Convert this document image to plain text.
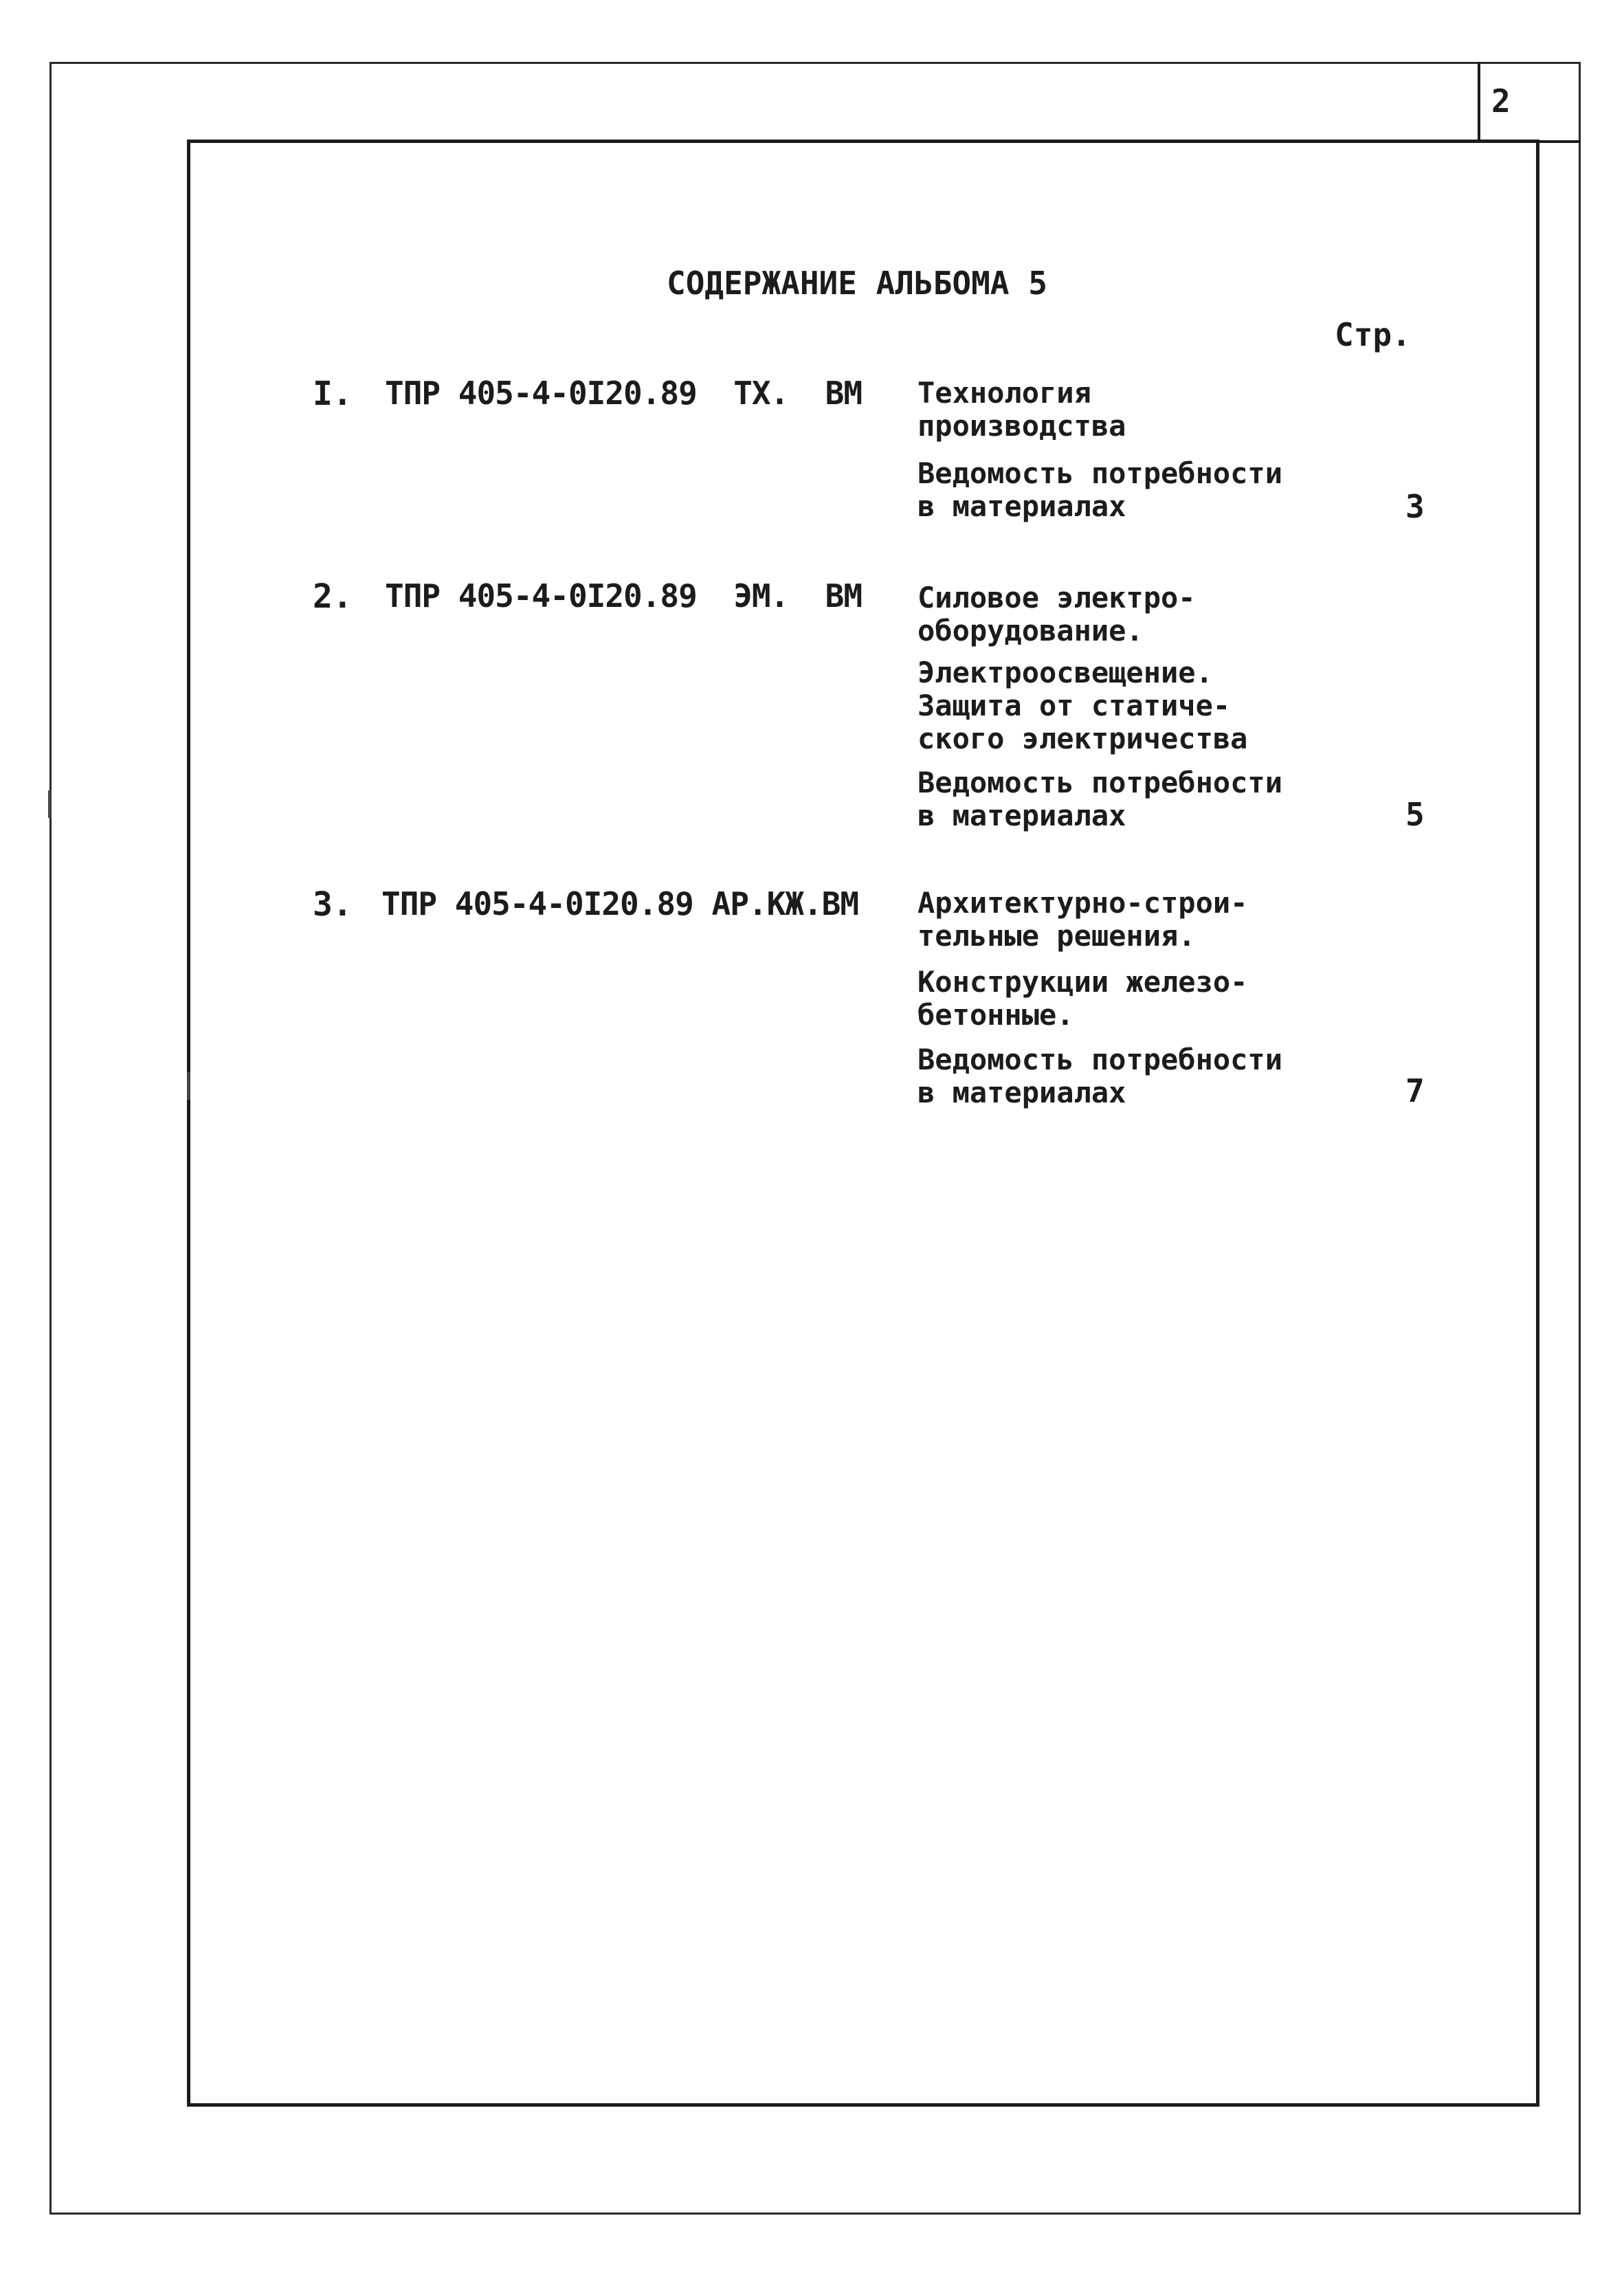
2
СОДЕРЖАНИЕ АЛЬБОМА 5
Стр.
I. ТПР 405-4-0I20.89  ТХ.  ВМ Технология
производства
Ведомость потребности
в материалах	3
2. ТПР 405-4-0I20.89  ЭМ.  ВМ Силовое электро-
оборудование.
Электроосвещение.
Защита от статиче-
ского электричества
Ведомость потребности
в материалах	5
3. ТПР 405-4-0I20.89 АР.КЖ.ВМ Архитектурно-строи-
тельные решения.
Конструкции железо-
бетонные.
Ведомость потребности
в материалах	7
